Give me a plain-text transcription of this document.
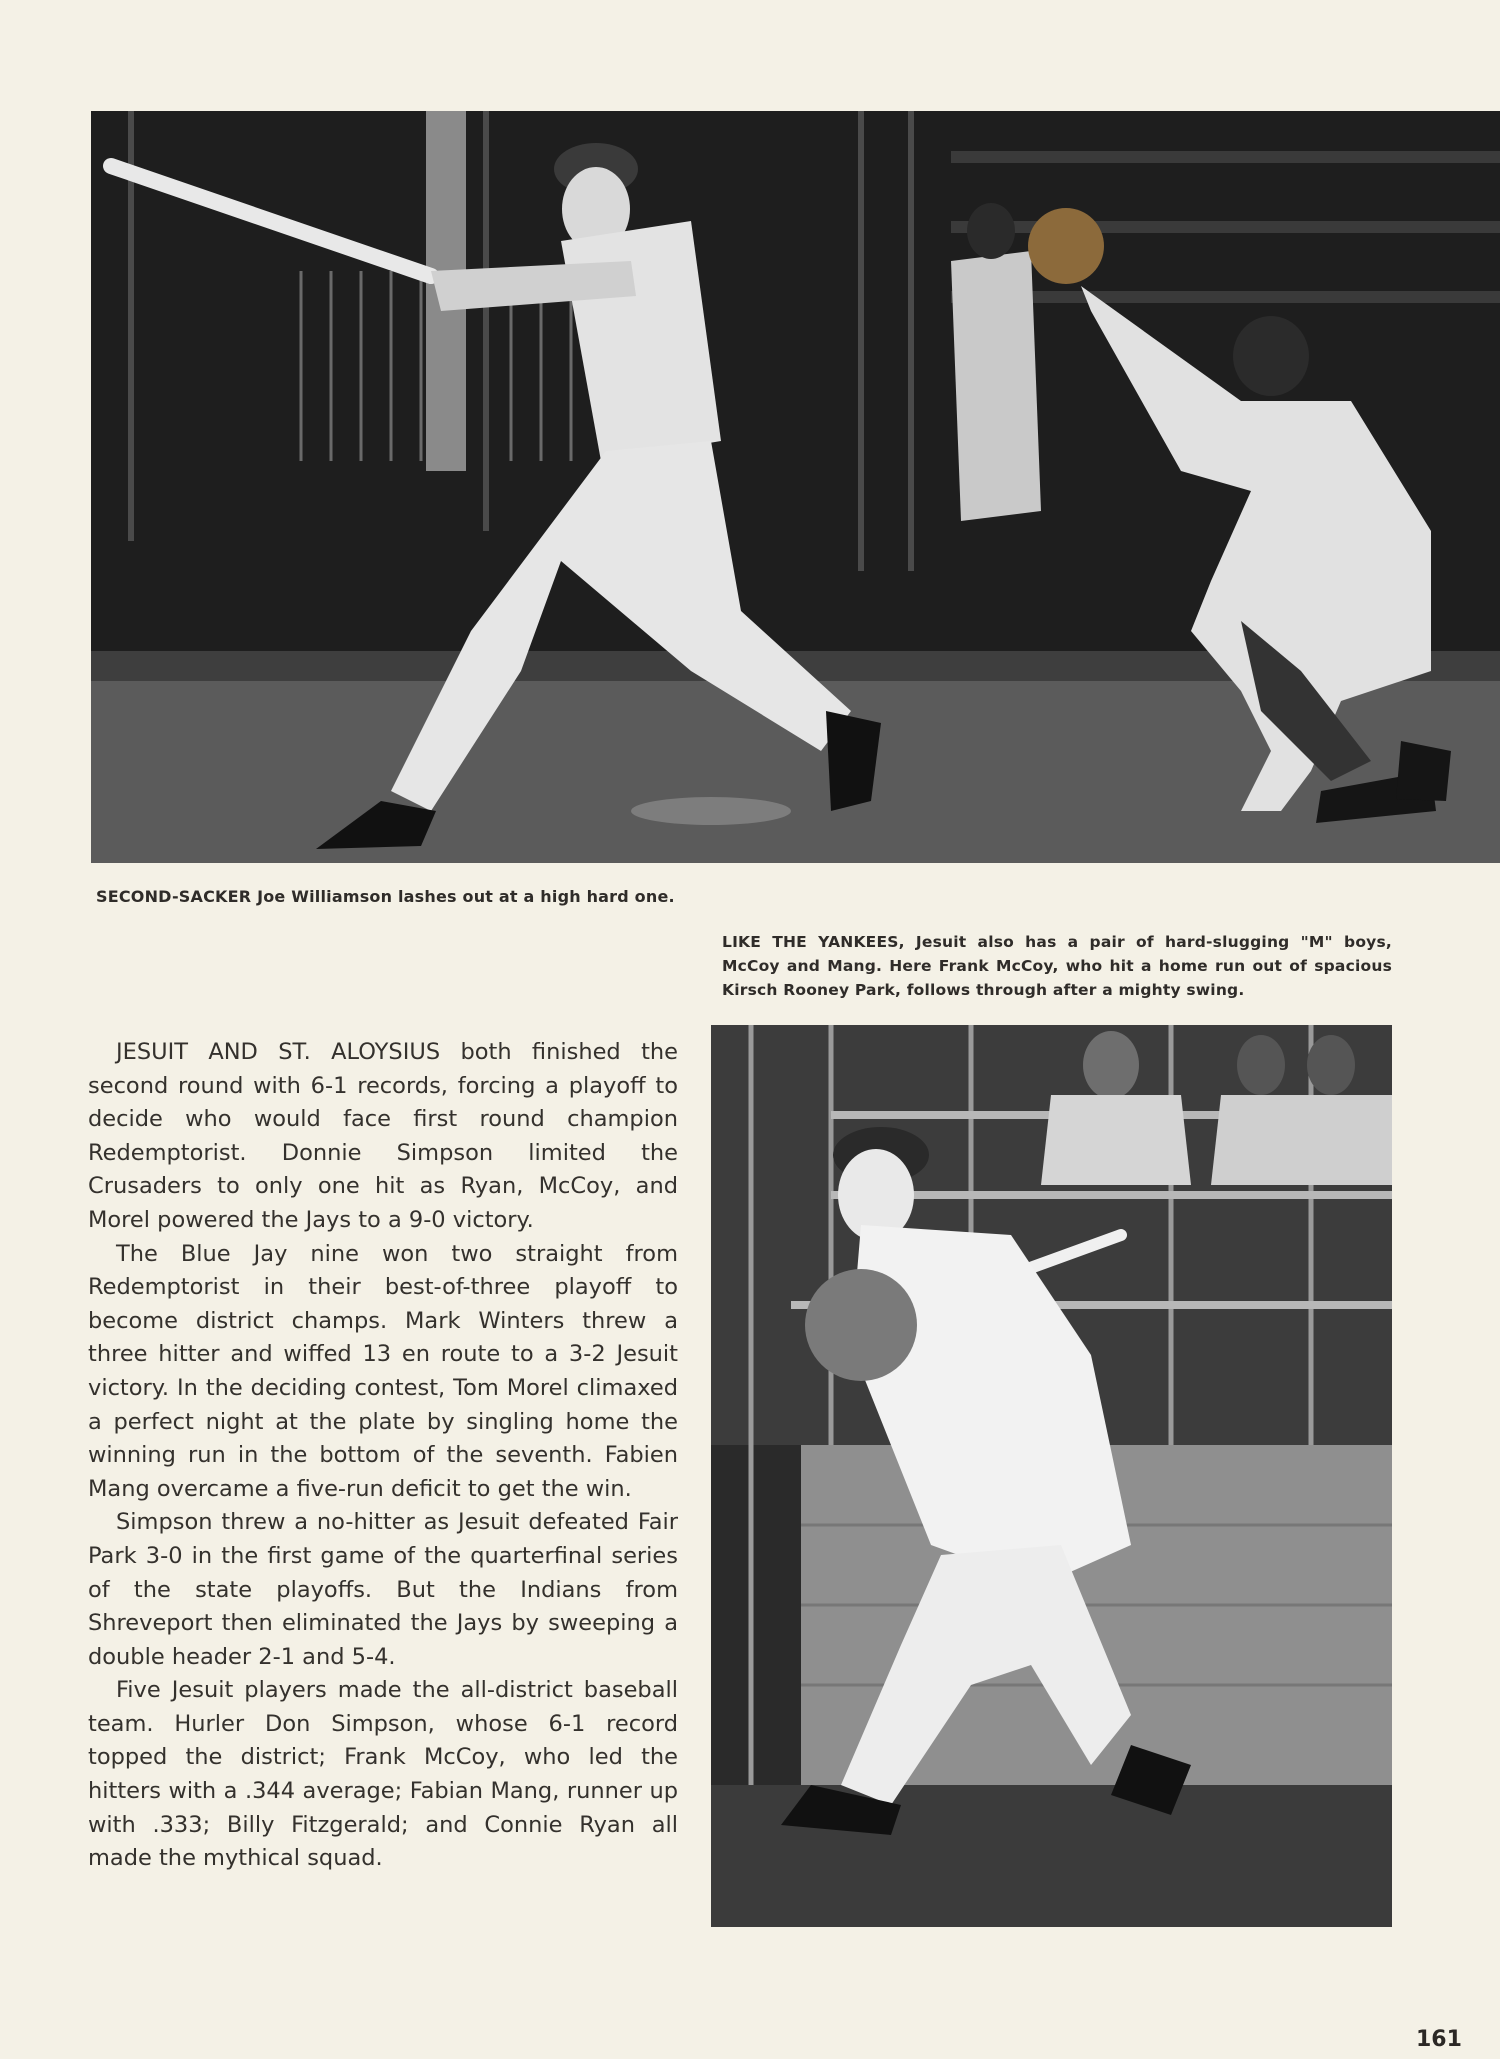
SECOND-SACKER Joe Williamson lashes out at a high hard one.
LIKE THE YANKEES, Jesuit also has a pair of hard-slugging "M" boys, McCoy and Mang. Here Frank McCoy, who hit a home run out of spacious Kirsch Rooney Park, follows through after a mighty swing.

JESUIT AND ST. ALOYSIUS both finished the second round with 6-1 records, forcing a playoff to decide who would face first round champion Redemptorist. Donnie Simpson limited the Crusaders to only one hit as Ryan, McCoy, and Morel powered the Jays to a 9-0 victory.

The Blue Jay nine won two straight from Redemptorist in their best-of-three playoff to become district champs. Mark Winters threw a three hitter and wiffed 13 en route to a 3-2 Jesuit victory. In the deciding contest, Tom Morel climaxed a perfect night at the plate by singling home the winning run in the bottom of the seventh. Fabien Mang overcame a five-run deficit to get the win.

Simpson threw a no-hitter as Jesuit defeated Fair Park 3-0 in the first game of the quarterfinal series of the state playoffs. But the Indians from Shreveport then eliminated the Jays by sweeping a double header 2-1 and 5-4.

Five Jesuit players made the all-district baseball team. Hurler Don Simpson, whose 6-1 record topped the district; Frank McCoy, who led the hitters with a .344 average; Fabian Mang, runner up with .333; Billy Fitzgerald; and Connie Ryan all made the mythical squad.

161
